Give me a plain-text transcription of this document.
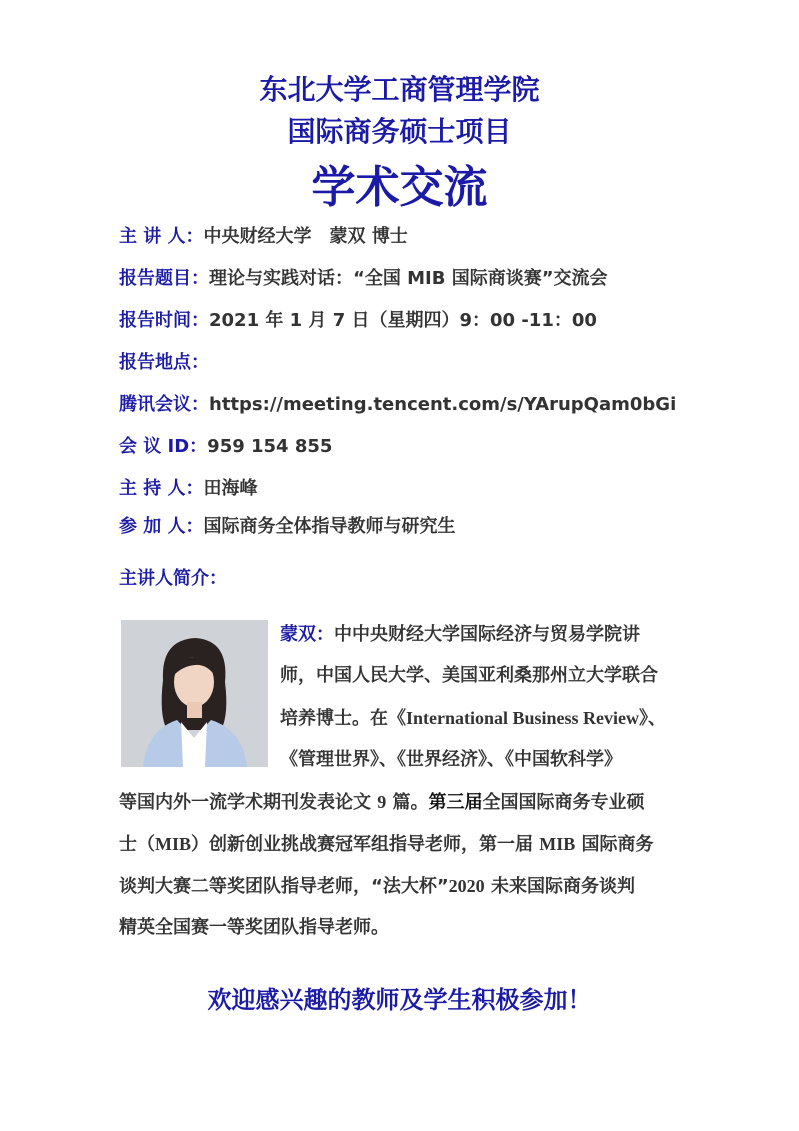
东北大学工商管理学院
国际商务硕士项目
学术交流
主 讲 人：中央财经大学　蒙双 博士
报告题目：理论与实践对话：“全国 MIB 国际商谈赛”交流会
报告时间：2021 年 1 月 7 日（星期四）9：00 -11：00
报告地点：
腾讯会议：https://meeting.tencent.com/s/YArupQam0bGi
会 议 ID：959 154 855
主 持 人：田海峰
参 加 人：国际商务全体指导教师与研究生
主讲人简介：
蒙双：中中央财经大学国际经济与贸易学院讲
师，中国人民大学、美国亚利桑那州立大学联合
培养博士。在《International Business Review》、
《管理世界》、《世界经济》、《中国软科学》
等国内外一流学术期刊发表论文 9 篇。第三届全国国际商务专业硕
士（MIB）创新创业挑战赛冠军组指导老师，第一届 MIB 国际商务
谈判大赛二等奖团队指导老师，“法大杯”2020 未来国际商务谈判
精英全国赛一等奖团队指导老师。
欢迎感兴趣的教师及学生积极参加！
